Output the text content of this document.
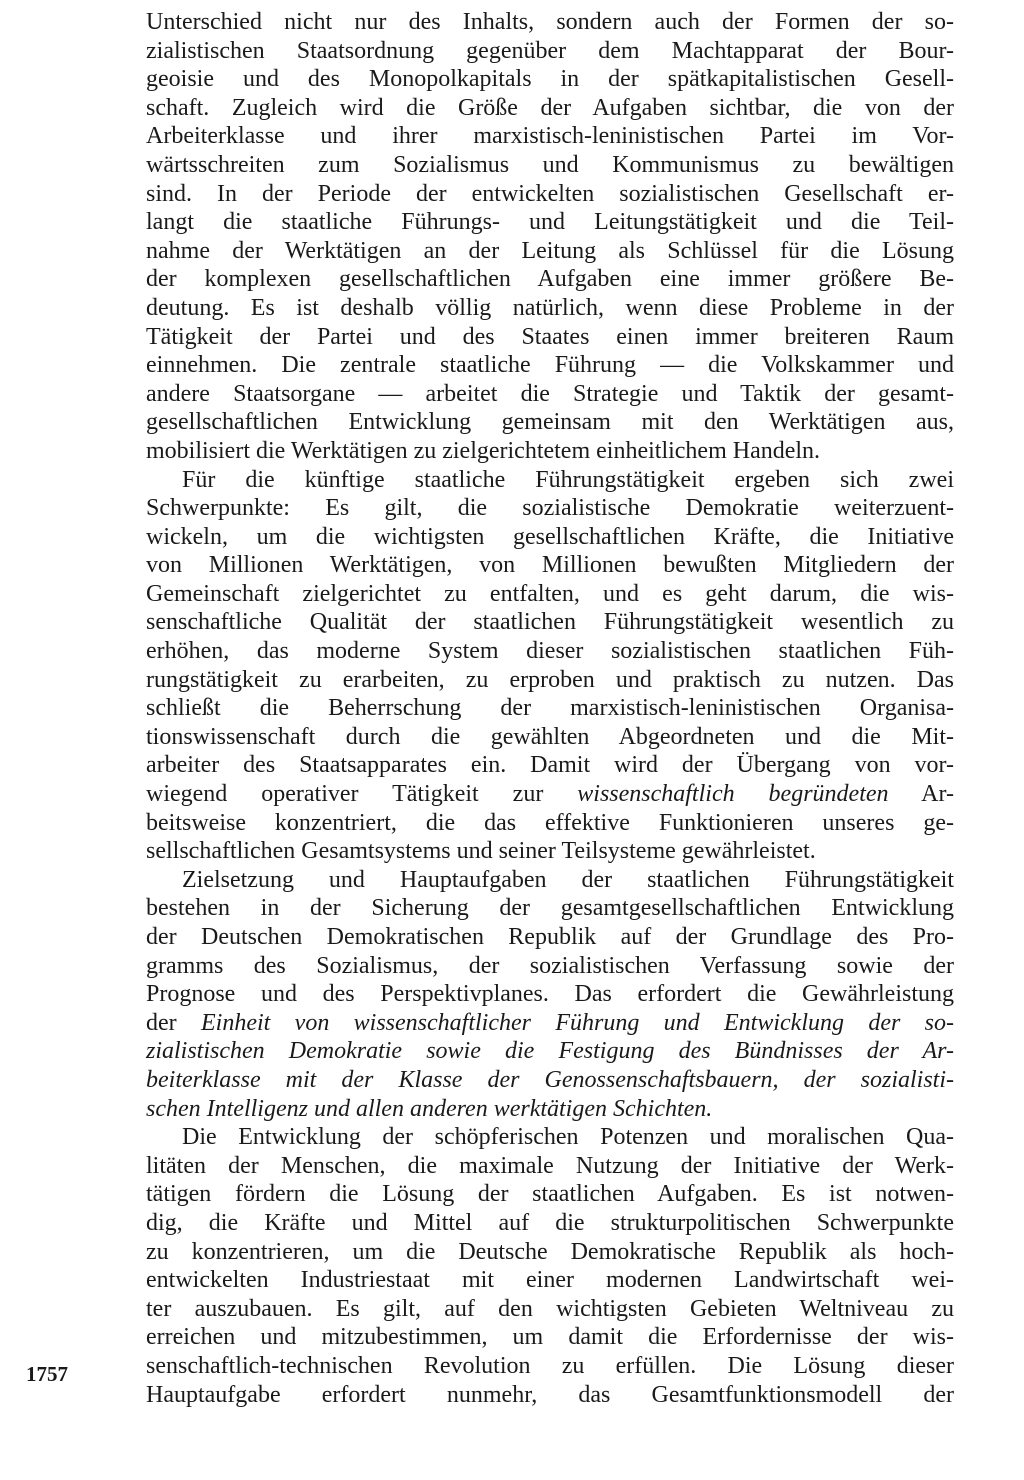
Unterschied nicht nur des Inhalts, sondern auch der Formen der so-
zialistischen Staatsordnung gegenüber dem Machtapparat der Bour-
geoisie und des Monopolkapitals in der spätkapitalistischen Gesell-
schaft. Zugleich wird die Größe der Aufgaben sichtbar, die von der
Arbeiterklasse und ihrer marxistisch-leninistischen Partei im Vor-
wärtsschreiten zum Sozialismus und Kommunismus zu bewältigen
sind. In der Periode der entwickelten sozialistischen Gesellschaft er-
langt die staatliche Führungs- und Leitungstätigkeit und die Teil-
nahme der Werktätigen an der Leitung als Schlüssel für die Lösung
der komplexen gesellschaftlichen Aufgaben eine immer größere Be-
deutung. Es ist deshalb völlig natürlich, wenn diese Probleme in der
Tätigkeit der Partei und des Staates einen immer breiteren Raum
einnehmen. Die zentrale staatliche Führung — die Volkskammer und
andere Staatsorgane — arbeitet die Strategie und Taktik der gesamt-
gesellschaftlichen Entwicklung gemeinsam mit den Werktätigen aus,
mobilisiert die Werktätigen zu zielgerichtetem einheitlichem Handeln.
Für die künftige staatliche Führungstätigkeit ergeben sich zwei
Schwerpunkte: Es gilt, die sozialistische Demokratie weiterzuent-
wickeln, um die wichtigsten gesellschaftlichen Kräfte, die Initiative
von Millionen Werktätigen, von Millionen bewußten Mitgliedern der
Gemeinschaft zielgerichtet zu entfalten, und es geht darum, die wis-
senschaftliche Qualität der staatlichen Führungstätigkeit wesentlich zu
erhöhen, das moderne System dieser sozialistischen staatlichen Füh-
rungstätigkeit zu erarbeiten, zu erproben und praktisch zu nutzen. Das
schließt die Beherrschung der marxistisch-leninistischen Organisa-
tionswissenschaft durch die gewählten Abgeordneten und die Mit-
arbeiter des Staatsapparates ein. Damit wird der Übergang von vor-
wiegend operativer Tätigkeit zur wissenschaftlich begründeten Ar-
beitsweise konzentriert, die das effektive Funktionieren unseres ge-
sellschaftlichen Gesamtsystems und seiner Teilsysteme gewährleistet.
Zielsetzung und Hauptaufgaben der staatlichen Führungstätigkeit
bestehen in der Sicherung der gesamtgesellschaftlichen Entwicklung
der Deutschen Demokratischen Republik auf der Grundlage des Pro-
gramms des Sozialismus, der sozialistischen Verfassung sowie der
Prognose und des Perspektivplanes. Das erfordert die Gewährleistung
der Einheit von wissenschaftlicher Führung und Entwicklung der so-
zialistischen Demokratie sowie die Festigung des Bündnisses der Ar-
beiterklasse mit der Klasse der Genossenschaftsbauern, der sozialisti-
schen Intelligenz und allen anderen werktätigen Schichten.
Die Entwicklung der schöpferischen Potenzen und moralischen Qua-
litäten der Menschen, die maximale Nutzung der Initiative der Werk-
tätigen fördern die Lösung der staatlichen Aufgaben. Es ist notwen-
dig, die Kräfte und Mittel auf die strukturpolitischen Schwerpunkte
zu konzentrieren, um die Deutsche Demokratische Republik als hoch-
entwickelten Industriestaat mit einer modernen Landwirtschaft wei-
ter auszubauen. Es gilt, auf den wichtigsten Gebieten Weltniveau zu
erreichen und mitzubestimmen, um damit die Erfordernisse der wis-
senschaftlich-technischen Revolution zu erfüllen. Die Lösung dieser
Hauptaufgabe erfordert nunmehr, das Gesamtfunktionsmodell der
1757
